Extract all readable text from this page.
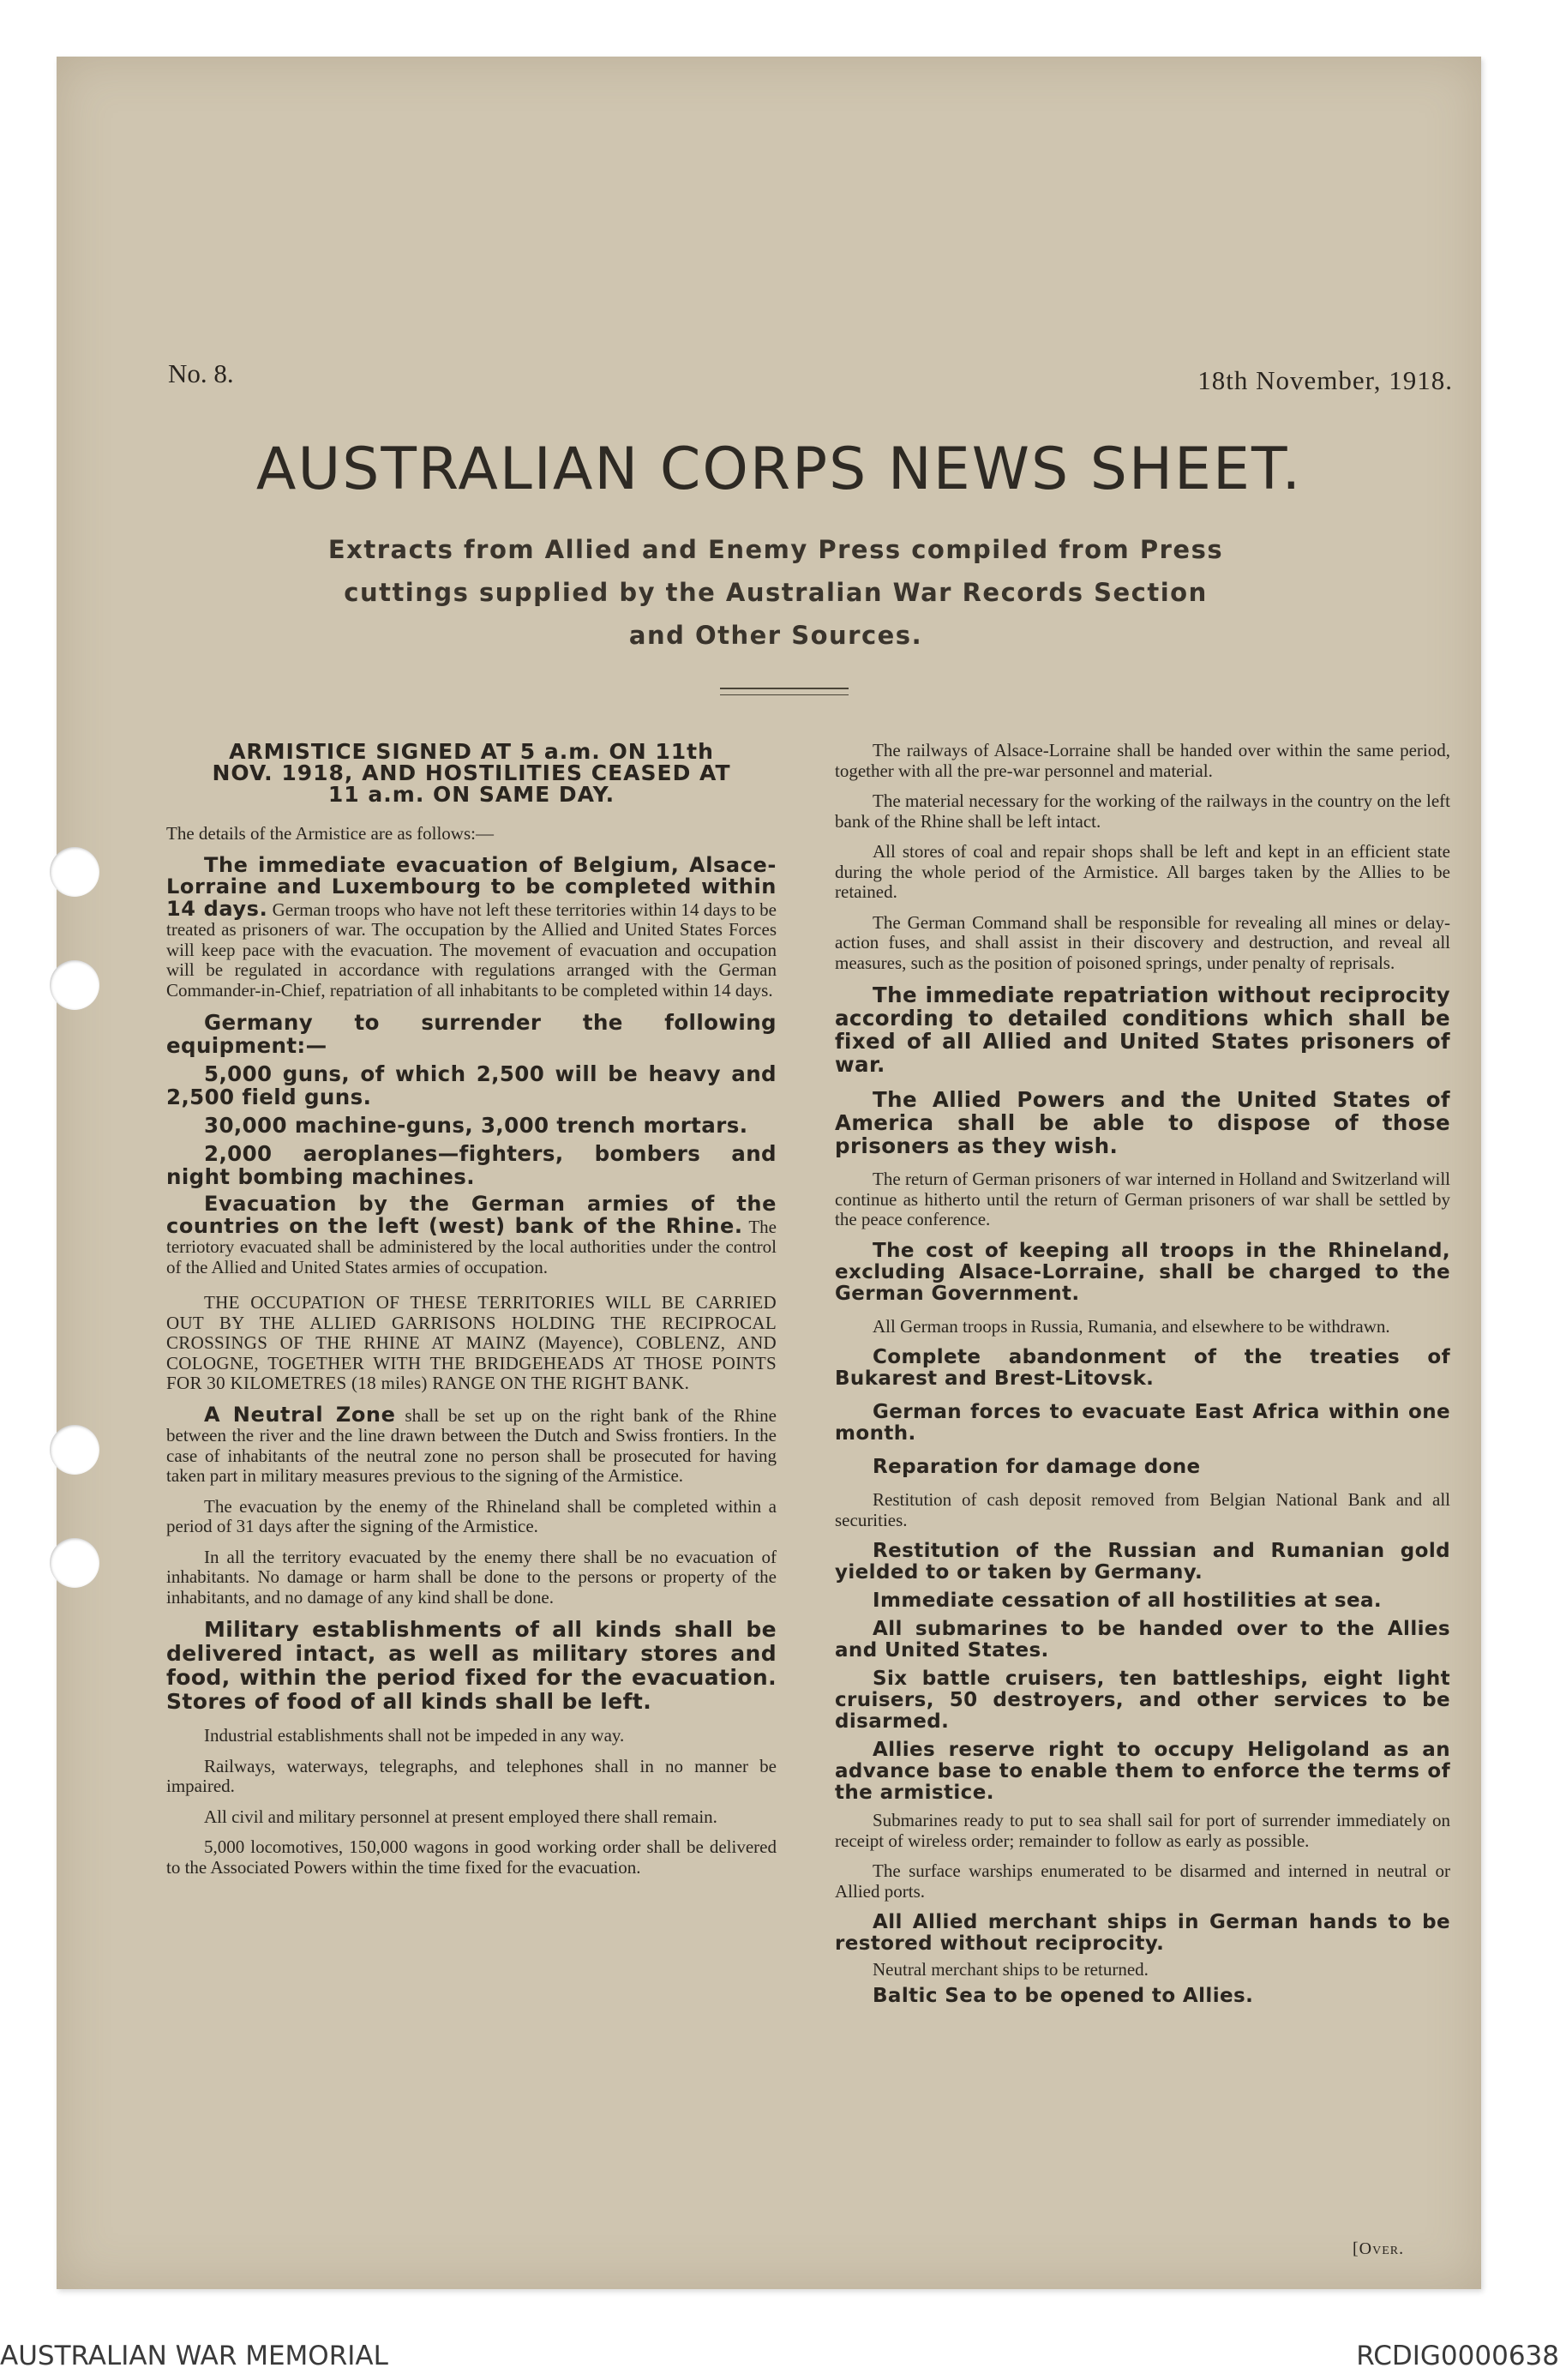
No. 8.	18th November, 1918.
AUSTRALIAN CORPS NEWS SHEET.
Extracts from Allied and Enemy Press compiled from Press
cuttings supplied by the Australian War Records Section
and Other Sources.
ARMISTICE SIGNED AT 5 a.m. ON 11th
NOV. 1918, AND HOSTILITIES CEASED AT
11 a.m. ON SAME DAY.

The details of the Armistice are as follows:—

The immediate evacuation of Belgium, Alsace-Lorraine and Luxembourg to be completed within 14 days. German troops who have not left these territories within 14 days to be treated as prisoners of war. The occupation by the Allied and United States Forces will keep pace with the evacuation. The movement of evacuation and occupation will be regulated in accordance with regulations arranged with the German Commander-in-Chief, repatriation of all inhabitants to be completed within 14 days.

Germany to surrender the following equipment:—

5,000 guns, of which 2,500 will be heavy and 2,500 field guns.

30,000 machine-guns, 3,000 trench mortars.

2,000 aeroplanes—fighters, bombers and night bombing machines.

Evacuation by the German armies of the countries on the left (west) bank of the Rhine. The terriotory evacuated shall be administered by the local authorities under the control of the Allied and United States armies of occupation.

THE OCCUPATION OF THESE TERRITORIES WILL BE CARRIED OUT BY THE ALLIED GARRISONS HOLDING THE RECIPROCAL CROSSINGS OF THE RHINE AT MAINZ (Mayence), COBLENZ, AND COLOGNE, TOGETHER WITH THE BRIDGEHEADS AT THOSE POINTS FOR 30 KILOMETRES (18 miles) RANGE ON THE RIGHT BANK.

A Neutral Zone shall be set up on the right bank of the Rhine between the river and the line drawn between the Dutch and Swiss frontiers. In the case of inhabitants of the neutral zone no person shall be prosecuted for having taken part in military measures previous to the signing of the Armistice.

The evacuation by the enemy of the Rhineland shall be completed within a period of 31 days after the signing of the Armistice.

In all the territory evacuated by the enemy there shall be no evacuation of inhabitants. No damage or harm shall be done to the persons or property of the inhabitants, and no damage of any kind shall be done.

Military establishments of all kinds shall be delivered intact, as well as military stores and food, within the period fixed for the evacuation. Stores of food of all kinds shall be left.

Industrial establishments shall not be impeded in any way.

Railways, waterways, telegraphs, and telephones shall in no manner be impaired.

All civil and military personnel at present employed there shall remain.

5,000 locomotives, 150,000 wagons in good working order shall be delivered to the Associated Powers within the time fixed for the evacuation.

The railways of Alsace-Lorraine shall be handed over within the same period, together with all the pre-war personnel and material.

The material necessary for the working of the railways in the country on the left bank of the Rhine shall be left intact.

All stores of coal and repair shops shall be left and kept in an efficient state during the whole period of the Armistice. All barges taken by the Allies to be retained.

The German Command shall be responsible for revealing all mines or delay-action fuses, and shall assist in their discovery and destruction, and reveal all measures, such as the position of poisoned springs, under penalty of reprisals.

The immediate repatriation without reciprocity according to detailed conditions which shall be fixed of all Allied and United States prisoners of war.

The Allied Powers and the United States of America shall be able to dispose of those prisoners as they wish.

The return of German prisoners of war interned in Holland and Switzerland will continue as hitherto until the return of German prisoners of war shall be settled by the peace conference.

The cost of keeping all troops in the Rhineland, excluding Alsace-Lorraine, shall be charged to the German Government.

All German troops in Russia, Rumania, and elsewhere to be withdrawn.

Complete abandonment of the treaties of Bukarest and Brest-Litovsk.

German forces to evacuate East Africa within one month.

Reparation for damage done

Restitution of cash deposit removed from Belgian National Bank and all securities.

Restitution of the Russian and Rumanian gold yielded to or taken by Germany.

Immediate cessation of all hostilities at sea.

All submarines to be handed over to the Allies and United States.

Six battle cruisers, ten battleships, eight light cruisers, 50 destroyers, and other services to be disarmed.

Allies reserve right to occupy Heligoland as an advance base to enable them to enforce the terms of the armistice.

Submarines ready to put to sea shall sail for port of surrender immediately on receipt of wireless order; remainder to follow as early as possible.

The surface warships enumerated to be disarmed and interned in neutral or Allied ports.

All Allied merchant ships in German hands to be restored without reciprocity.

Neutral merchant ships to be returned.

Baltic Sea to be opened to Allies.

[Over.
AUSTRALIAN WAR MEMORIAL	RCDIG0000638
